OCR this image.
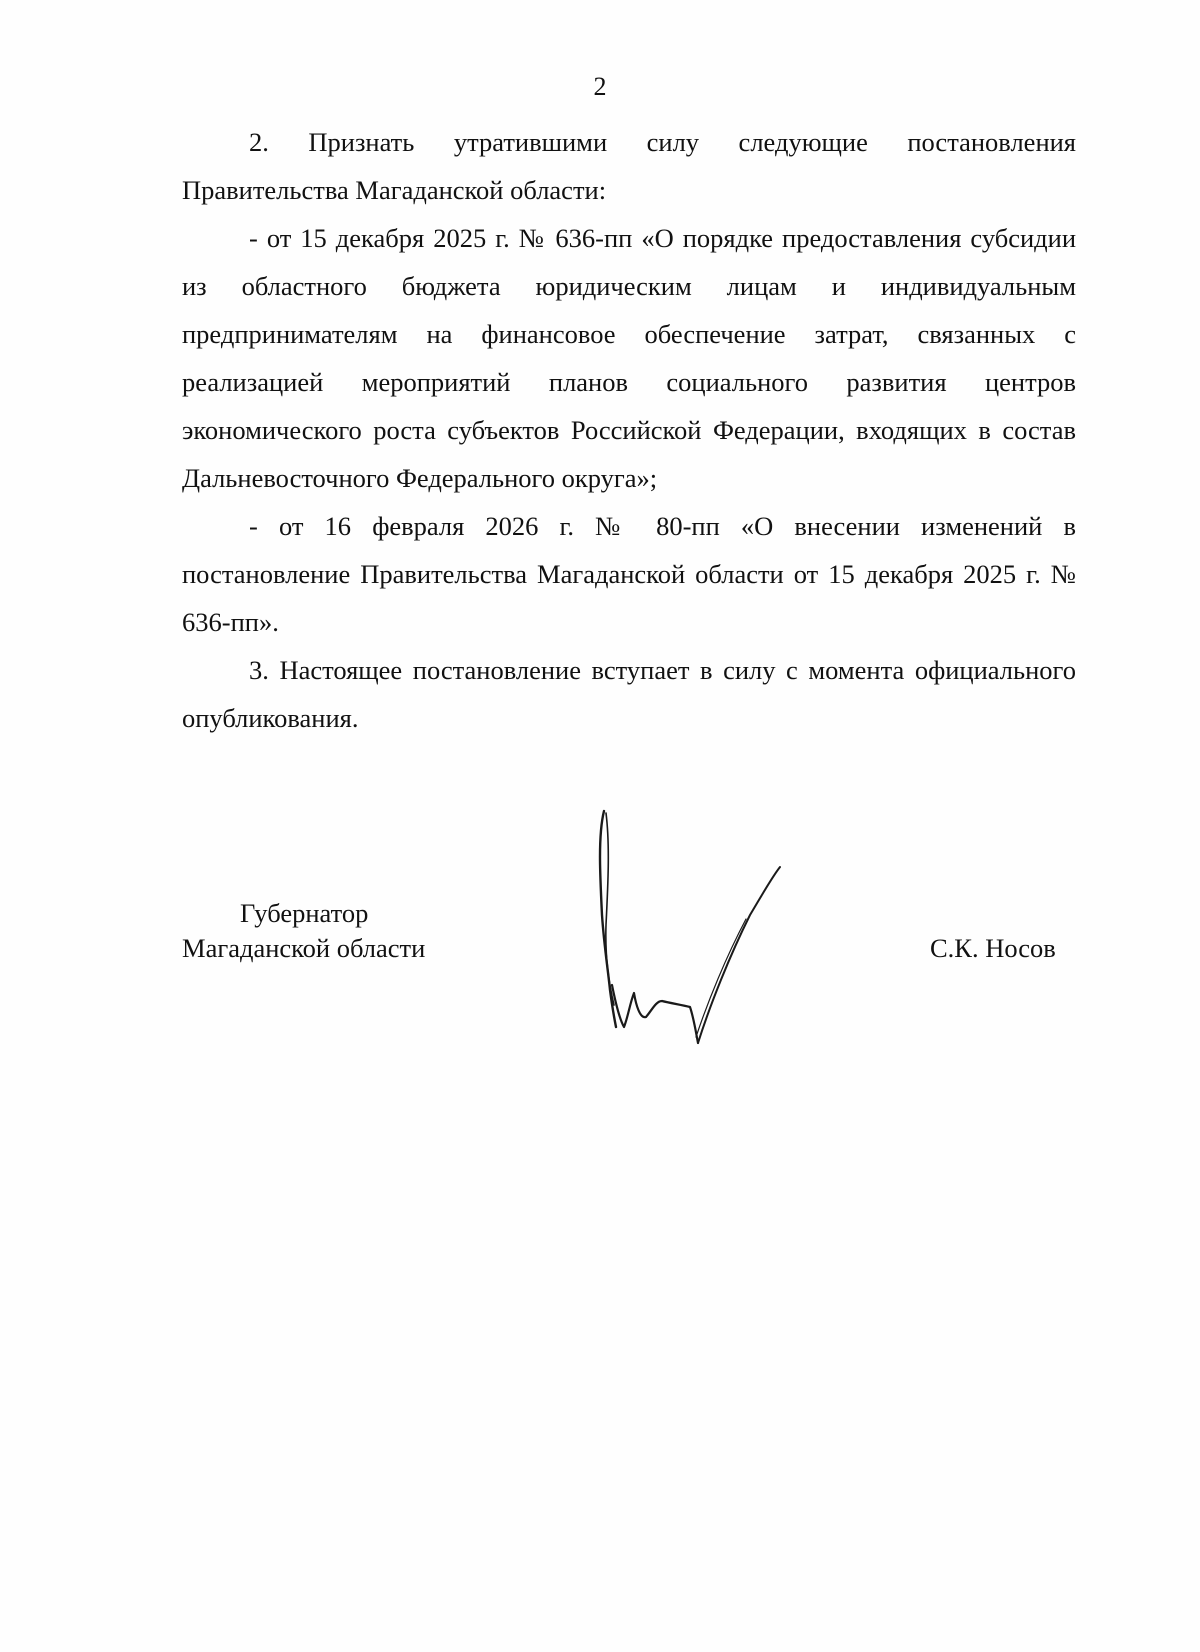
2

2. Признать утратившими силу следующие постановления Правительства Магаданской области:

- от 15 декабря 2025 г. № 636-пп «О порядке предоставления субсидии из областного бюджета юридическим лицам и индивидуальным предпринимателям на финансовое обеспечение затрат, связанных с реализацией мероприятий планов социального развития центров экономического роста субъектов Российской Федерации, входящих в состав Дальневосточного Федерального округа»;

- от 16 февраля 2026 г. № 80-пп «О внесении изменений в постановление Правительства Магаданской области от 15 декабря 2025 г. № 636-пп».

3. Настоящее постановление вступает в силу с момента официального опубликования.

Губернатор
Магаданской области	С.К. Носов
